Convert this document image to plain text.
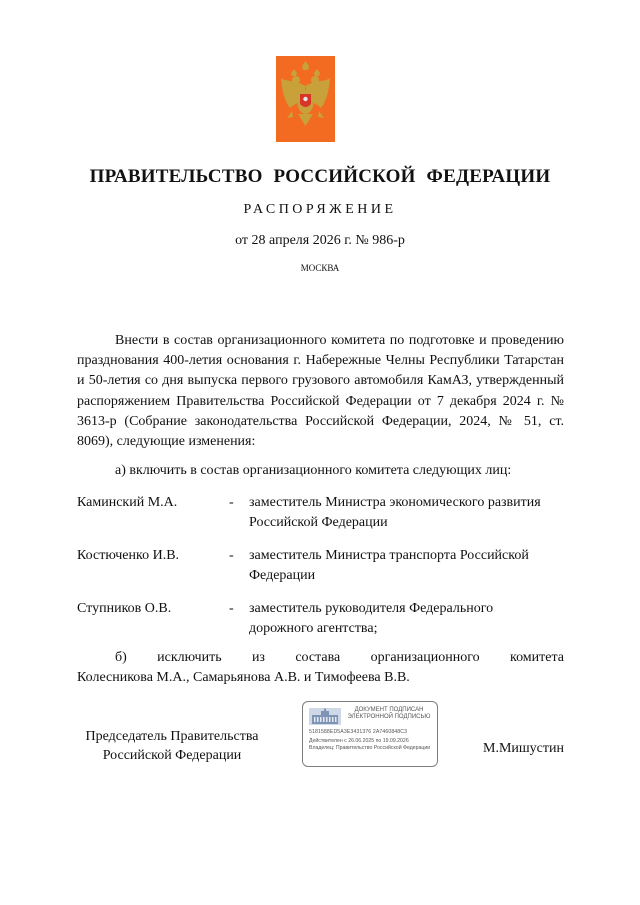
ПРАВИТЕЛЬСТВО РОССИЙСКОЙ ФЕДЕРАЦИИ
РАСПОРЯЖЕНИЕ
от 28 апреля 2026 г. № 986-р
МОСКВА
Внести в состав организационного комитета по подготовке и проведению празднования 400-летия основания г. Набережные Челны Республики Татарстан и 50-летия со дня выпуска первого грузового автомобиля КамАЗ, утвержденный распоряжением Правительства Российской Федерации от 7 декабря 2024 г. № 3613-р (Собрание законодательства Российской Федерации, 2024, № 51, ст. 8069), следующие изменения:
а) включить в состав организационного комитета следующих лиц:
Каминский М.А.	- заместитель Министра экономического развития Российской Федерации
Костюченко И.В.	- заместитель Министра транспорта Российской Федерации
Ступников О.В.	- заместитель руководителя Федерального дорожного агентства;
б) исключить из состава организационного комитета
Колесникова М.А., Самарьянова А.В. и Тимофеева В.В.
Председатель Правительства Российской Федерации	М.Мишустин
ДОКУМЕНТ ПОДПИСАН ЭЛЕКТРОННОЙ ПОДПИСЬЮ
5181588ED5A3E3431376 2A7460848C3
Действителен с 26.06.2025 по 19.09.2026
Владелец: Правительство Российской Федерации
